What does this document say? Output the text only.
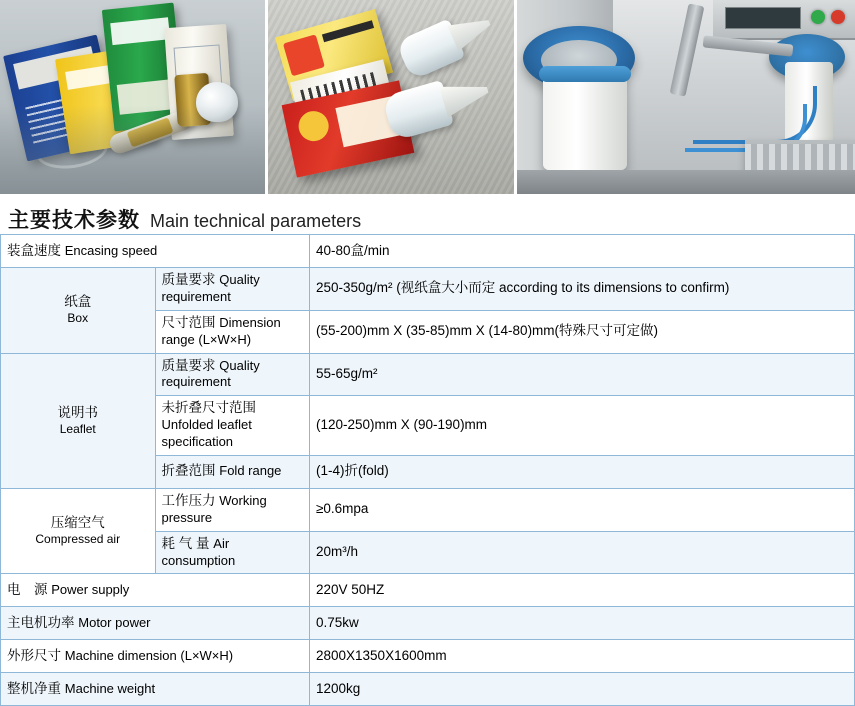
主要技术参数 Main technical parameters
装盒速度 Encasing speed		40-80盒/min

纸盒
Box	质量要求 Quality requirement	250-350g/m² (视纸盒大小而定 according to its dimensions to confirm)
	尺寸范围 Dimension range (L×W×H)	(55-200)mm X (35-85)mm X (14-80)mm(特殊尺寸可定做)

说明书
Leaflet	质量要求 Quality requirement	55-65g/m²
	未折叠尺寸范围 Unfolded leaflet specification	(120-250)mm X (90-190)mm
	折叠范围 Fold range	(1-4)折(fold)

压缩空气
Compressed air	工作压力 Working pressure	≥0.6mpa
	耗 气 量 Air consumption	20m³/h
电　源 Power supply		220V 50HZ
主电机功率 Motor power		0.75kw
外形尺寸 Machine dimension (L×W×H)		2800X1350X1600mm
整机净重 Machine weight		1200kg
